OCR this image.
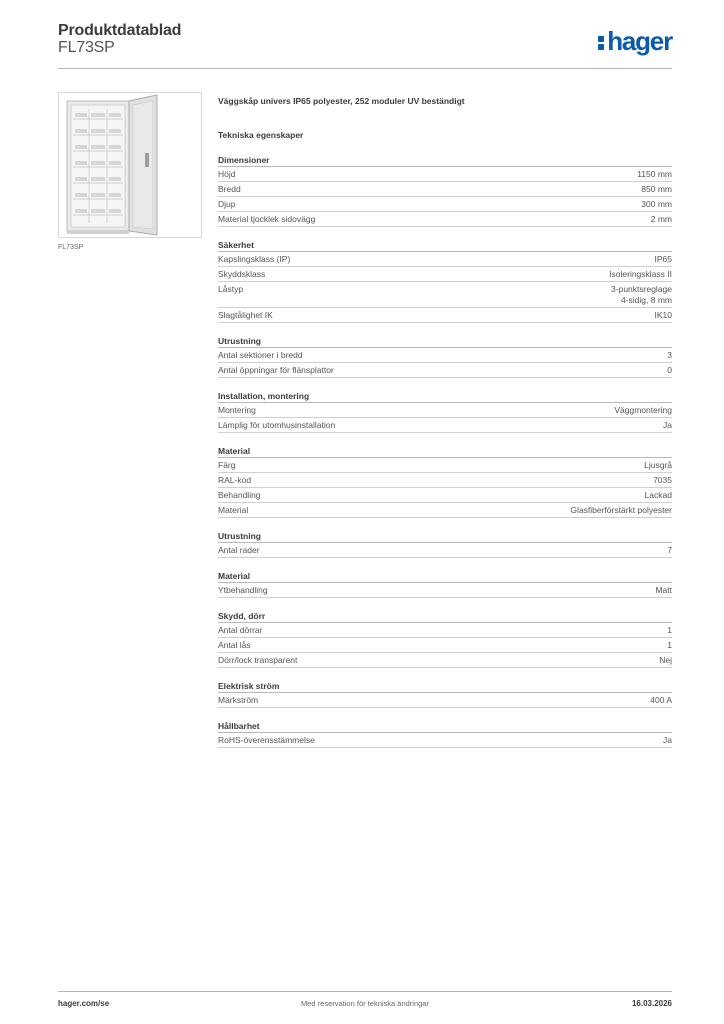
Produktdatablad
FL73SP	hager
FL73SP
Väggskåp univers IP65 polyester, 252 moduler UV beständigt
Tekniska egenskaper
Dimensioner
Höjd	1150 mm
Bredd	850 mm
Djup	300 mm
Material tjocklek sidovägg	2 mm
Säkerhet
Kapslingsklass (IP)	IP65
Skyddsklass	Isoleringsklass II
Låstyp	3-punktsreglage
4-sidig, 8 mm
Slagtålighet IK	IK10
Utrustning
Antal sektioner i bredd	3
Antal öppningar för flänsplattor	0
Installation, montering
Montering	Väggmontering
Lämplig för utomhusinstallation	Ja
Material
Färg	Ljusgrå
RAL-kod	7035
Behandling	Lackad
Material	Glasfiberförstärkt polyester
Utrustning
Antal rader	7
Material
Ytbehandling	Matt
Skydd, dörr
Antal dörrar	1
Antal lås	1
Dörr/lock transparent	Nej
Elektrisk ström
Märkström	400 A
Hållbarhet
RoHS-överensstämmelse	Ja
hager.com/se	Med reservation för tekniska ändringar	16.03.2026
